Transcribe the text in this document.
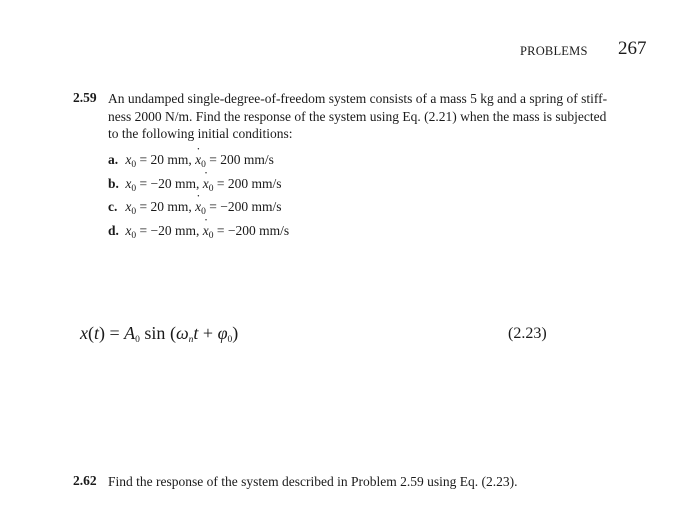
PROBLEMS 267
2.59 An undamped single-degree-of-freedom system consists of a mass 5 kg and a spring of stiff-
ness 2000 N/m. Find the response of the system using Eq. (2.21) when the mass is subjected
to the following initial conditions:
a. $x_0 = 20$ mm, ˙ $x_0 = 200$ mm/s
b. $x_0 = -20$ mm, ˙ $x_0 = 200$ mm/s
c. $x_0 = 20$ mm, ˙ $x_0 = -200$ mm/s
d. $x_0 = -20$ mm, ˙ $x_0 = -200$ mm/s
$x(t) = A_0$ $\sin (\omega_nt + \varphi_0)$	(2.23)
2.62 Find the response of the system described in Problem 2.59 using Eq. (2.23).
